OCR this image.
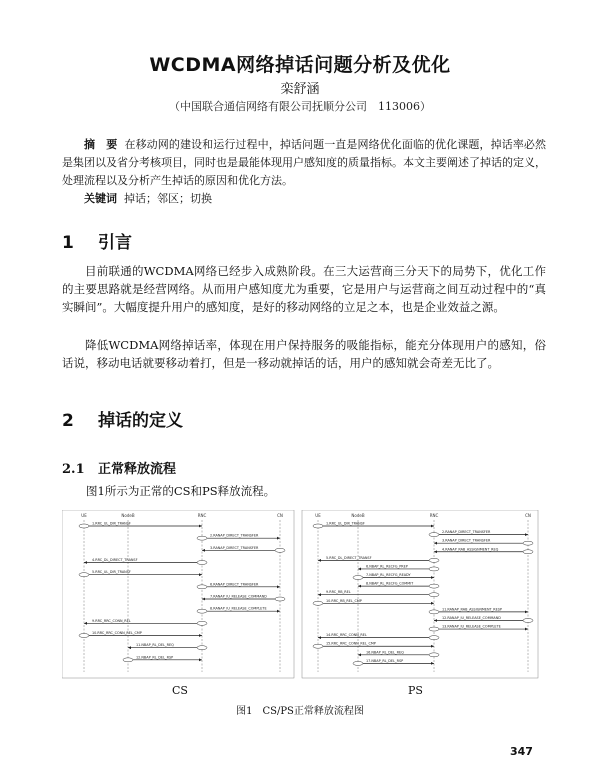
WCDMA网络掉话问题分析及优化
栾舒涵
（中国联合通信网络有限公司抚顺分公司　113006）
摘　要 在移动网的建设和运行过程中，掉话问题一直是网络优化面临的优化课题，掉话率必然是集团以及省分考核项目，同时也是最能体现用户感知度的质量指标。本文主要阐述了掉话的定义，处理流程以及分析产生掉话的原因和优化方法。
关键词 掉话；邻区；切换
1 引言
目前联通的WCDMA网络已经步入成熟阶段。在三大运营商三分天下的局势下，优化工作的主要思路就是经营网络。从而用户感知度尤为重要，它是用户与运营商之间互动过程中的“真实瞬间”。大幅度提升用户的感知度，是好的移动网络的立足之本，也是企业效益之源。
降低WCDMA网络掉话率，体现在用户保持服务的吸能指标，能充分体现用户的感知，俗话说，移动电话就要移动着打，但是一移动就掉话的话，用户的感知就会奇差无比了。
2 掉话的定义
2.1 正常释放流程
图1所示为正常的CS和PS释放流程。
UE	NodeB	RNC	CN
1.RRC_UL_DIR_TRANSF
2.RANAP_DIRECT_TRANSFER
3.RANAP_DIRECT_TRANSFER
4.RRC_DL_DIRECT_TRANSF
5.RRC_UL_DIR_TRANSF
6.RANAP_DIRECT_TRANSFER
7.RANAP_IU_RELEASE_COMMAND
8.RANAP_IU_RELEASE_COMPLETE
9.RRC_RRC_CONN_REL
10.RRC_RRC_CONN_REL_CMP
11.NBAP_RL_DEL_REQ
12.NBAP_RL_DEL_RSP
UE	NodeB	RNC	CN
1.RRC_UL_DIR_TRANSF
2.RANAP_DIRECT_TRANSFER
3.RANAP_DIRECT_TRANSFER
4.RANAP_RAB_ASSIGNMENT_REQ
5.RRC_DL_DIRECT_TRANSF
6.NBAP_RL_RECFG_PREP
7.NBAP_RL_RECFG_READY
8.NBAP_RL_RECFG_COMMIT
9.RRC_RB_REL
10.RRC_RB_REL_CMP
11.RANAP_RAB_ASSIGNMENT_RESP
12.RANAP_IU_RELEASE_COMMAND
13.RANAP_IU_RELEASE_COMPLETE
14.RRC_RRC_CONN_REL
15.RRC_RRC_CONN_REL_CMP
16.NBAP_RL_DEL_REQ
17.NBAP_RL_DEL_RSP
CS	PS
图1　CS/PS正常释放流程图
347
